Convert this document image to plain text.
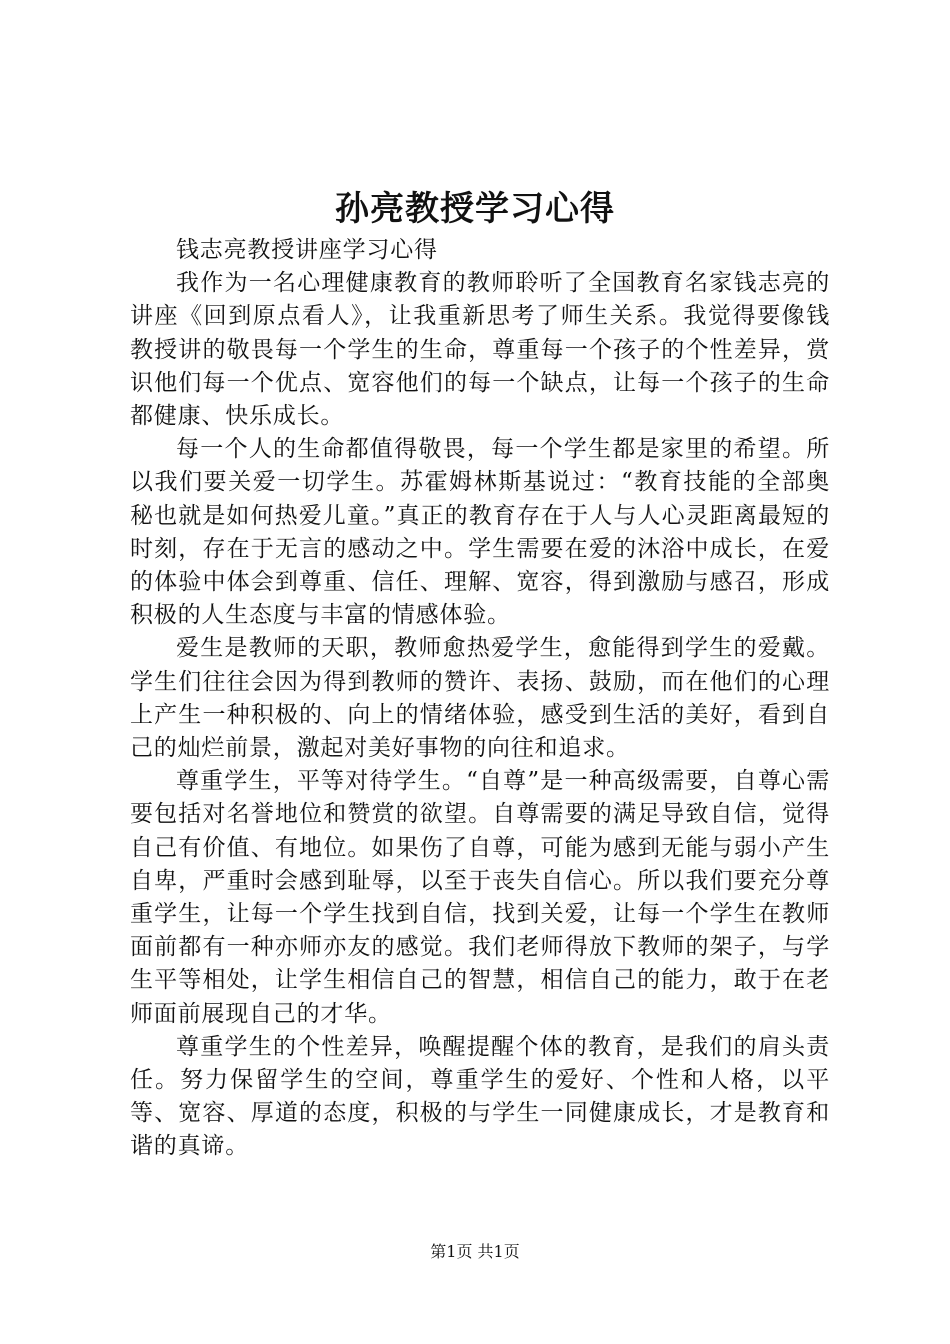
孙亮教授学习心得

钱志亮教授讲座学习心得

我作为一名心理健康教育的教师聆听了全国教育名家钱志亮的讲座《回到原点看人》，让我重新思考了师生关系。我觉得要像钱教授讲的敬畏每一个学生的生命，尊重每一个孩子的个性差异，赏识他们每一个优点、宽容他们的每一个缺点，让每一个孩子的生命都健康、快乐成长。

每一个人的生命都值得敬畏，每一个学生都是家里的希望。所以我们要关爱一切学生。苏霍姆林斯基说过：“教育技能的全部奥秘也就是如何热爱儿童。”真正的教育存在于人与人心灵距离最短的时刻，存在于无言的感动之中。学生需要在爱的沐浴中成长，在爱的体验中体会到尊重、信任、理解、宽容，得到激励与感召，形成积极的人生态度与丰富的情感体验。

爱生是教师的天职，教师愈热爱学生，愈能得到学生的爱戴。学生们往往会因为得到教师的赞许、表扬、鼓励，而在他们的心理上产生一种积极的、向上的情绪体验，感受到生活的美好，看到自己的灿烂前景，激起对美好事物的向往和追求。

尊重学生，平等对待学生。“自尊”是一种高级需要，自尊心需要包括对名誉地位和赞赏的欲望。自尊需要的满足导致自信，觉得自己有价值、有地位。如果伤了自尊，可能为感到无能与弱小产生自卑，严重时会感到耻辱，以至于丧失自信心。所以我们要充分尊重学生，让每一个学生找到自信，找到关爱，让每一个学生在教师面前都有一种亦师亦友的感觉。我们老师得放下教师的架子，与学生平等相处，让学生相信自己的智慧，相信自己的能力，敢于在老师面前展现自己的才华。

尊重学生的个性差异，唤醒提醒个体的教育，是我们的肩头责任。努力保留学生的空间，尊重学生的爱好、个性和人格，以平等、宽容、厚道的态度，积极的与学生一同健康成长，才是教育和谐的真谛。

第1页 共1页
